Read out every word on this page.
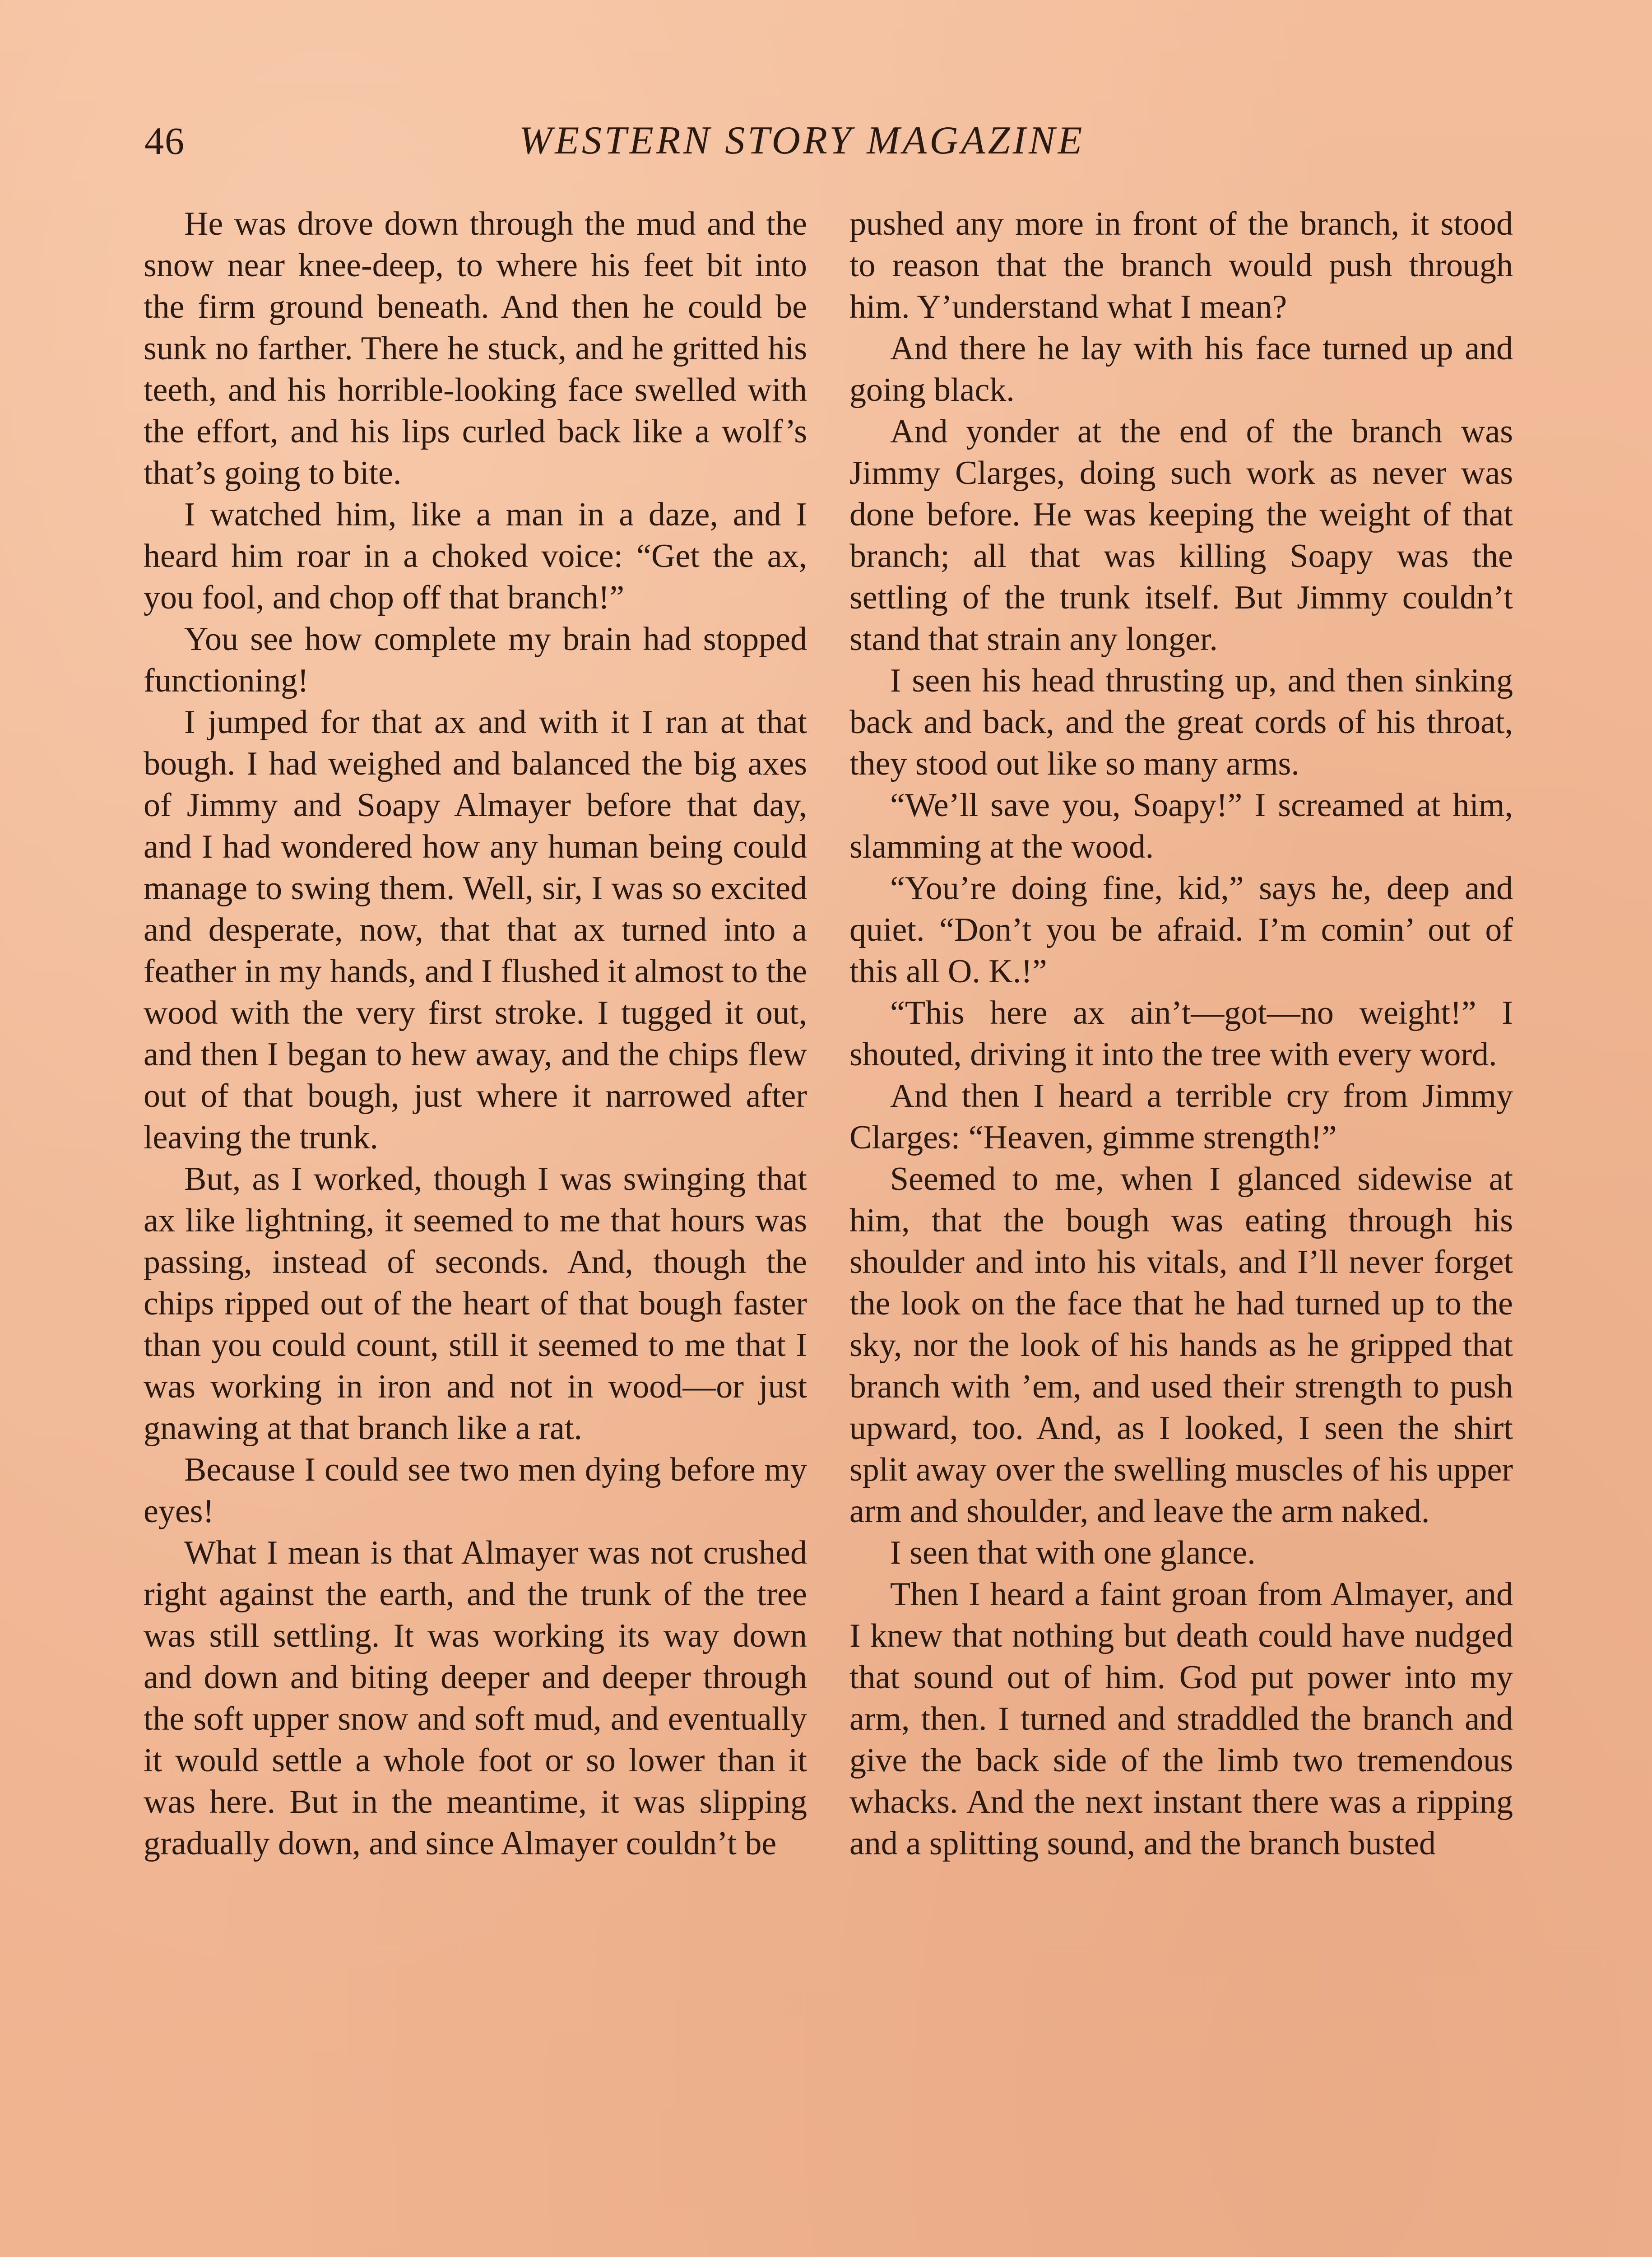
46	WESTERN STORY MAGAZINE

He was drove down through the mud and the snow near knee-deep, to where his feet bit into the firm ground beneath. And then he could be sunk no farther. There he stuck, and he gritted his teeth, and his horrible-looking face swelled with the effort, and his lips curled back like a wolf’s that’s going to bite.

I watched him, like a man in a daze, and I heard him roar in a choked voice: “Get the ax, you fool, and chop off that branch!”

You see how complete my brain had stopped functioning!

I jumped for that ax and with it I ran at that bough. I had weighed and balanced the big axes of Jimmy and Soapy Almayer before that day, and I had wondered how any human being could manage to swing them. Well, sir, I was so excited and desperate, now, that that ax turned into a feather in my hands, and I flushed it almost to the wood with the very first stroke. I tugged it out, and then I began to hew away, and the chips flew out of that bough, just where it narrowed after leaving the trunk.

But, as I worked, though I was swinging that ax like lightning, it seemed to me that hours was passing, instead of seconds. And, though the chips ripped out of the heart of that bough faster than you could count, still it seemed to me that I was working in iron and not in wood—or just gnawing at that branch like a rat.

Because I could see two men dying before my eyes!

What I mean is that Almayer was not crushed right against the earth, and the trunk of the tree was still settling. It was working its way down and down and biting deeper and deeper through the soft upper snow and soft mud, and eventually it would settle a whole foot or so lower than it was here. But in the meantime, it was slipping gradually down, and since Almayer couldn’t be

pushed any more in front of the branch, it stood to reason that the branch would push through him. Y’understand what I mean?

And there he lay with his face turned up and going black.

And yonder at the end of the branch was Jimmy Clarges, doing such work as never was done before. He was keeping the weight of that branch; all that was killing Soapy was the settling of the trunk itself. But Jimmy couldn’t stand that strain any longer.

I seen his head thrusting up, and then sinking back and back, and the great cords of his throat, they stood out like so many arms.

“We’ll save you, Soapy!” I screamed at him, slamming at the wood.

“You’re doing fine, kid,” says he, deep and quiet. “Don’t you be afraid. I’m comin’ out of this all O. K.!”

“This here ax ain’t—got—no weight!” I shouted, driving it into the tree with every word.

And then I heard a terrible cry from Jimmy Clarges: “Heaven, gimme strength!”

Seemed to me, when I glanced sidewise at him, that the bough was eating through his shoulder and into his vitals, and I’ll never forget the look on the face that he had turned up to the sky, nor the look of his hands as he gripped that branch with ’em, and used their strength to push upward, too. And, as I looked, I seen the shirt split away over the swelling muscles of his upper arm and shoulder, and leave the arm naked.

I seen that with one glance.

Then I heard a faint groan from Almayer, and I knew that nothing but death could have nudged that sound out of him. God put power into my arm, then. I turned and straddled the branch and give the back side of the limb two tremendous whacks. And the next instant there was a ripping and a splitting sound, and the branch busted
